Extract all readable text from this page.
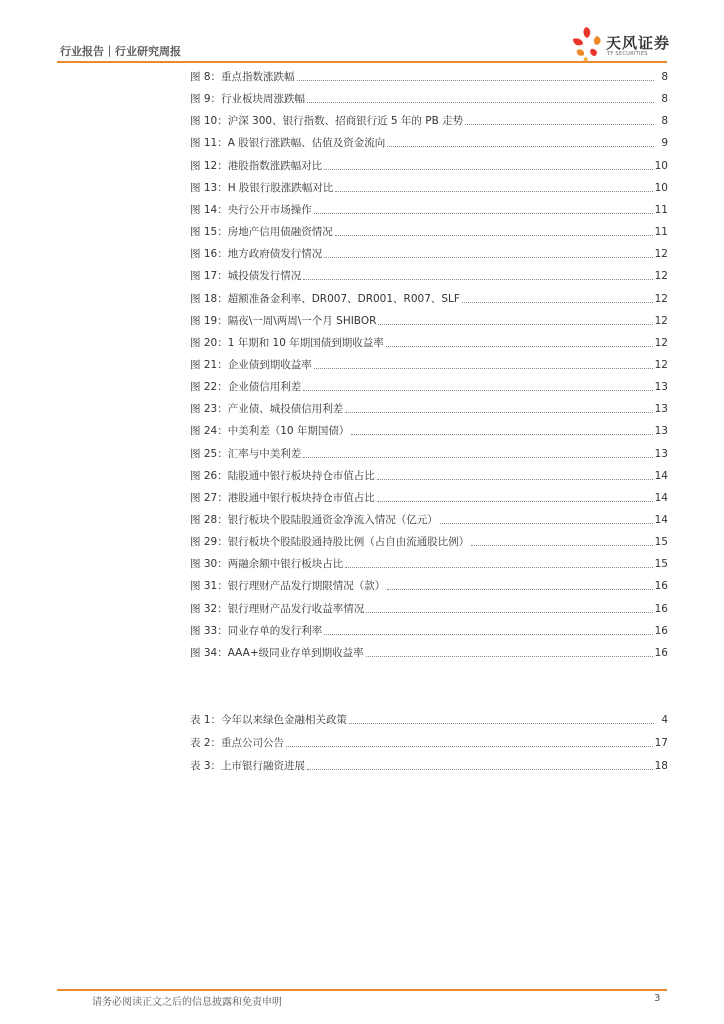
行业报告｜行业研究周报	天风证券
TF SECURITIES
图 8：重点指数涨跌幅	8
图 9：行业板块周涨跌幅	8
图 10：沪深 300、银行指数、招商银行近 5 年的 PB 走势	8
图 11：A 股银行涨跌幅、估值及资金流向	9
图 12：港股指数涨跌幅对比	10
图 13：H 股银行股涨跌幅对比	10
图 14：央行公开市场操作	11
图 15：房地产信用债融资情况	11
图 16：地方政府债发行情况	12
图 17：城投债发行情况	12
图 18：超额准备金利率、DR007、DR001、R007、SLF	12
图 19：隔夜\一周\两周\一个月 SHIBOR	12
图 20：1 年期和 10 年期国债到期收益率	12
图 21：企业债到期收益率	12
图 22：企业债信用利差	13
图 23：产业债、城投债信用利差	13
图 24：中美利差（10 年期国债）	13
图 25：汇率与中美利差	13
图 26：陆股通中银行板块持仓市值占比	14
图 27：港股通中银行板块持仓市值占比	14
图 28：银行板块个股陆股通资金净流入情况（亿元）	14
图 29：银行板块个股陆股通持股比例（占自由流通股比例）	15
图 30：两融余额中银行板块占比	15
图 31：银行理财产品发行期限情况（款）	16
图 32：银行理财产品发行收益率情况	16
图 33：同业存单的发行利率	16
图 34：AAA+级同业存单到期收益率	16
表 1：今年以来绿色金融相关政策	4
表 2：重点公司公告	17
表 3：上市银行融资进展	18
请务必阅读正文之后的信息披露和免责申明	3
